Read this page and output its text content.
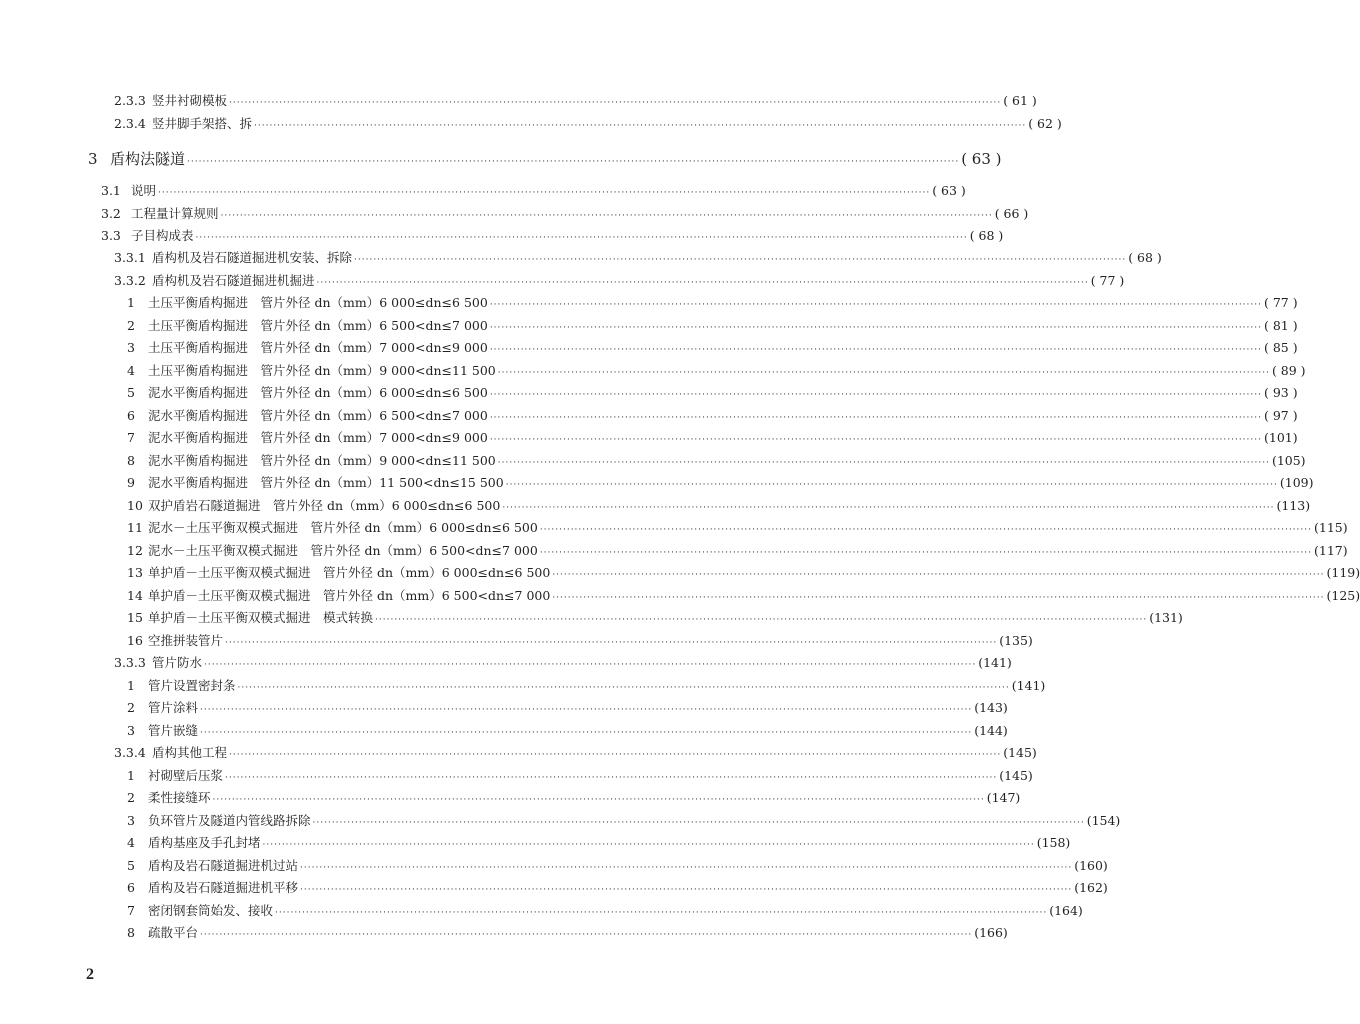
2.3.3 竖井衬砌模板 ········································································································································································································ ( 61 )
2.3.4 竖井脚手架搭、拆 ········································································································································································································ ( 62 )
3 盾构法隧道 ········································································································································································································ ( 63 )
3.1 说明 ········································································································································································································ ( 63 )
3.2 工程量计算规则 ········································································································································································································ ( 66 )
3.3 子目构成表 ········································································································································································································ ( 68 )
3.3.1 盾构机及岩石隧道掘进机安装、拆除 ········································································································································································································ ( 68 )
3.3.2 盾构机及岩石隧道掘进机掘进 ········································································································································································································ ( 77 )
1	土压平衡盾构掘进　管片外径 dn（mm）6 000≤dn≤6 500 ········································································································································································································ ( 77 )
2	土压平衡盾构掘进　管片外径 dn（mm）6 500<dn≤7 000 ········································································································································································································ ( 81 )
3	土压平衡盾构掘进　管片外径 dn（mm）7 000<dn≤9 000 ········································································································································································································ ( 85 )
4	土压平衡盾构掘进　管片外径 dn（mm）9 000<dn≤11 500 ········································································································································································································ ( 89 )
5	泥水平衡盾构掘进　管片外径 dn（mm）6 000≤dn≤6 500 ········································································································································································································ ( 93 )
6	泥水平衡盾构掘进　管片外径 dn（mm）6 500<dn≤7 000 ········································································································································································································ ( 97 )
7	泥水平衡盾构掘进　管片外径 dn（mm）7 000<dn≤9 000 ········································································································································································································ (101)
8	泥水平衡盾构掘进　管片外径 dn（mm）9 000<dn≤11 500 ········································································································································································································ (105)
9	泥水平衡盾构掘进　管片外径 dn（mm）11 500<dn≤15 500 ········································································································································································································ (109)
10 双护盾岩石隧道掘进　管片外径 dn（mm）6 000≤dn≤6 500 ········································································································································································································ (113)
11 泥水－土压平衡双模式掘进　管片外径 dn（mm）6 000≤dn≤6 500 ········································································································································································································ (115)
12 泥水－土压平衡双模式掘进　管片外径 dn（mm）6 500<dn≤7 000 ········································································································································································································ (117)
13 单护盾－土压平衡双模式掘进　管片外径 dn（mm）6 000≤dn≤6 500 ········································································································································································································ (119)
14 单护盾－土压平衡双模式掘进　管片外径 dn（mm）6 500<dn≤7 000 ········································································································································································································ (125)
15 单护盾－土压平衡双模式掘进　模式转换 ········································································································································································································ (131)
16 空推拼装管片 ········································································································································································································ (135)
3.3.3 管片防水 ········································································································································································································ (141)
1	管片设置密封条 ········································································································································································································ (141)
2	管片涂料 ········································································································································································································ (143)
3	管片嵌缝 ········································································································································································································ (144)
3.3.4 盾构其他工程 ········································································································································································································ (145)
1	衬砌壁后压浆 ········································································································································································································ (145)
2	柔性接缝环 ········································································································································································································ (147)
3	负环管片及隧道内管线路拆除 ········································································································································································································ (154)
4	盾构基座及手孔封堵 ········································································································································································································ (158)
5	盾构及岩石隧道掘进机过站 ········································································································································································································ (160)
6	盾构及岩石隧道掘进机平移 ········································································································································································································ (162)
7	密闭钢套筒始发、接收 ········································································································································································································ (164)
8	疏散平台 ········································································································································································································ (166)
2
